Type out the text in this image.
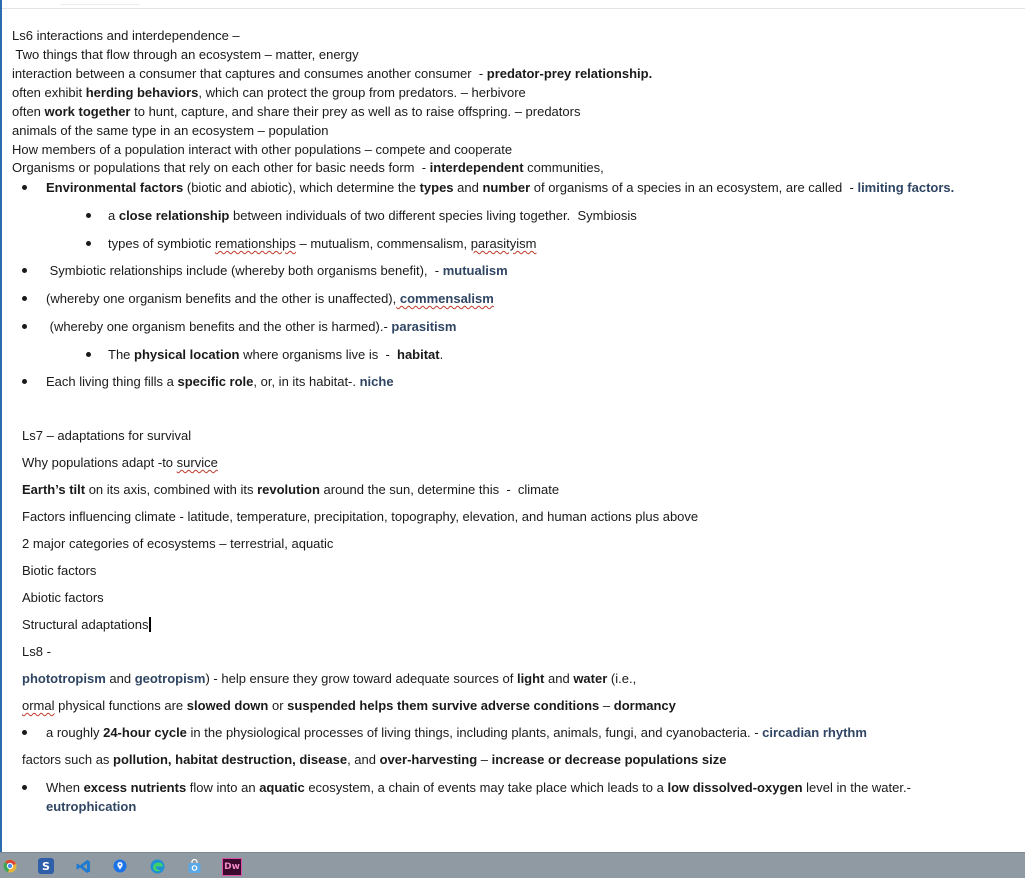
Ls6 interactions and interdependence –
Two things that flow through an ecosystem – matter, energy
interaction between a consumer that captures and consumes another consumer  - predator-prey relationship.
often exhibit herding behaviors, which can protect the group from predators. – herbivore
often work together to hunt, capture, and share their prey as well as to raise offspring. – predators
animals of the same type in an ecosystem – population
How members of a population interact with other populations – compete and cooperate
Organisms or populations that rely on each other for basic needs form  - interdependent communities,
Environmental factors (biotic and abiotic), which determine the types and number of organisms of a species in an ecosystem, are called  - limiting factors.
a close relationship between individuals of two different species living together.  Symbiosis
types of symbiotic remationships – mutualism, commensalism, parasityism
Symbiotic relationships include (whereby both organisms benefit),  - mutualism
(whereby one organism benefits and the other is unaffected), commensalism
(whereby one organism benefits and the other is harmed).- parasitism
The physical location where organisms live is  -  habitat.
Each living thing fills a specific role, or, in its habitat-. niche
Ls7 – adaptations for survival
Why populations adapt -to survice
Earth’s tilt on its axis, combined with its revolution around the sun, determine this  -  climate
Factors influencing climate - latitude, temperature, precipitation, topography, elevation, and human actions plus above
2 major categories of ecosystems – terrestrial, aquatic
Biotic factors
Abiotic factors
Structural adaptations
Ls8 -
phototropism and geotropism) - help ensure they grow toward adequate sources of light and water (i.e.,
ormal physical functions are slowed down or suspended helps them survive adverse conditions – dormancy
a roughly 24-hour cycle in the physiological processes of living things, including plants, animals, fungi, and cyanobacteria. - circadian rhythm
factors such as pollution, habitat destruction, disease, and over-harvesting – increase or decrease populations size
When excess nutrients flow into an aquatic ecosystem, a chain of events may take place which leads to a low dissolved-oxygen level in the water.-
eutrophication
S	Dw
